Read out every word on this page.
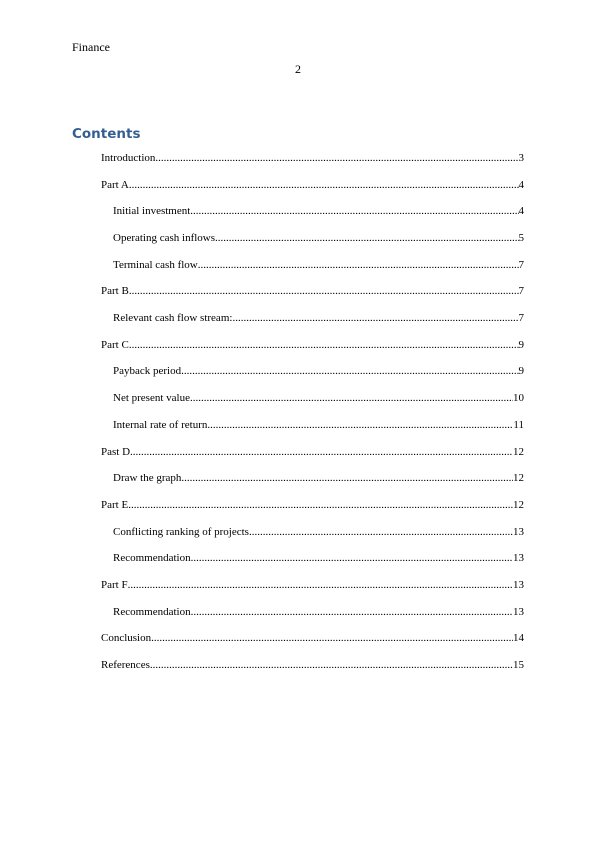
Finance
2
Contents
Introduction .....	3
Part A .....	4
Initial investment .....	4
Operating cash inflows .....	5
Terminal cash flow .....	7
Part B .....	7
Relevant cash flow stream: .....	7
Part C .....	9
Payback period .....	9
Net present value .....	10
Internal rate of return .....	11
Past D .....	12
Draw the graph .....	12
Part E .....	12
Conflicting ranking of projects .....	13
Recommendation .....	13
Part F .....	13
Recommendation .....	13
Conclusion .....	14
References .....	15
